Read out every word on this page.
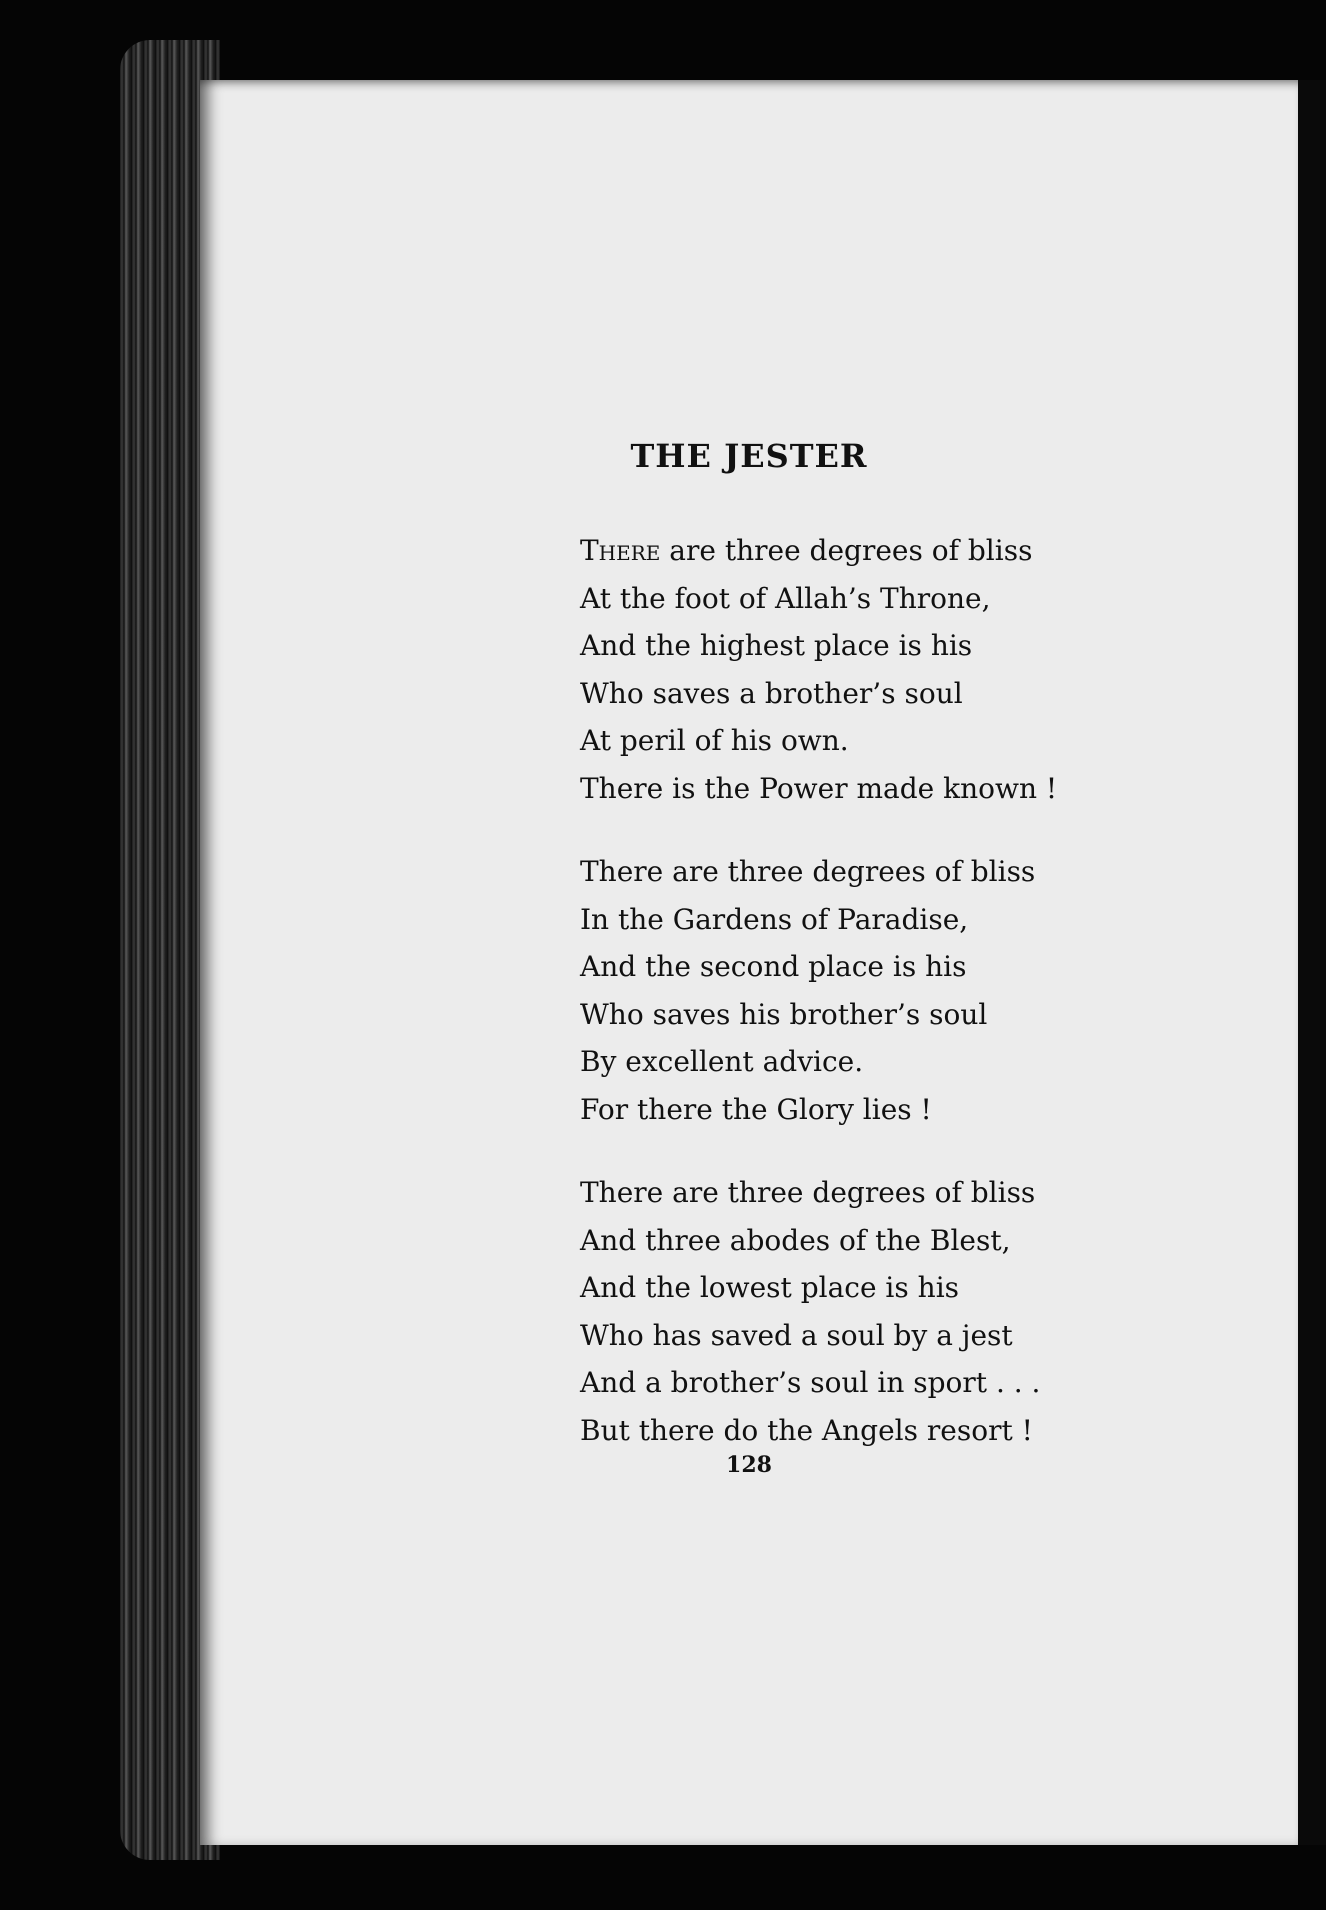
THE JESTER
There are three degrees of bliss
At the foot of Allah’s Throne,
And the highest place is his
Who saves a brother’s soul
At peril of his own.
There is the Power made known !
There are three degrees of bliss
In the Gardens of Paradise,
And the second place is his
Who saves his brother’s soul
By excellent advice.
For there the Glory lies !
There are three degrees of bliss
And three abodes of the Blest,
And the lowest place is his
Who has saved a soul by a jest
And a brother’s soul in sport . . .
But there do the Angels resort !
128
